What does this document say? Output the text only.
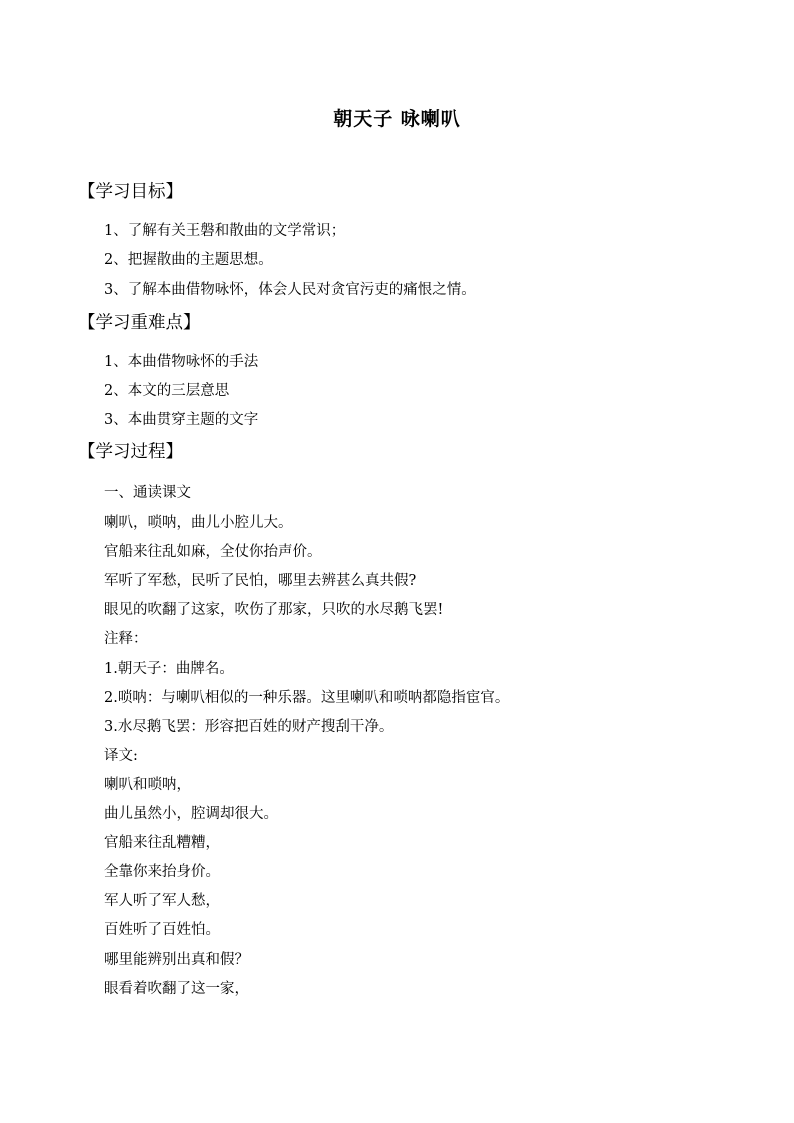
朝天子 咏喇叭
【学习目标】
1、了解有关王磐和散曲的文学常识；
2、把握散曲的主题思想。
3、了解本曲借物咏怀，体会人民对贪官污吏的痛恨之情。
【学习重难点】
1、本曲借物咏怀的手法
2、本文的三层意思
3、本曲贯穿主题的文字
【学习过程】
一、通读课文
喇叭，唢呐，曲儿小腔儿大。
官船来往乱如麻，全仗你抬声价。
军听了军愁，民听了民怕，哪里去辨甚么真共假?
眼见的吹翻了这家，吹伤了那家，只吹的水尽鹅飞罢!
注释：
1.朝天子：曲牌名。
2.唢呐：与喇叭相似的一种乐器。这里喇叭和唢呐都隐指宦官。
3.水尽鹅飞罢：形容把百姓的财产搜刮干净。
译文:
喇叭和唢呐，
曲儿虽然小，腔调却很大。
官船来往乱糟糟，
全靠你来抬身价。
军人听了军人愁，
百姓听了百姓怕。
哪里能辨别出真和假？
眼看着吹翻了这一家，
